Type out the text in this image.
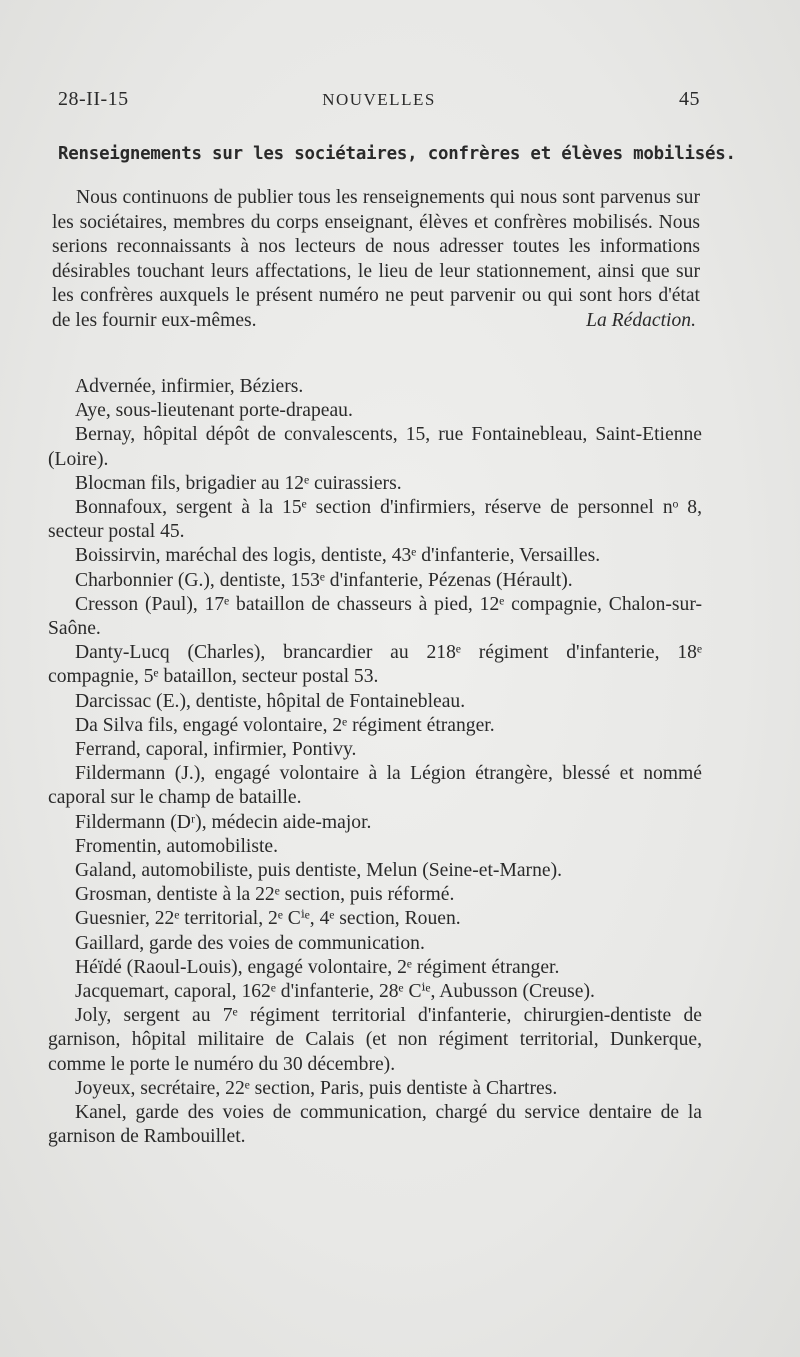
28-II-15	NOUVELLES	45
Renseignements sur les sociétaires, confrères et élèves mobilisés.
Nous continuons de publier tous les renseignements qui nous sont parvenus sur les sociétaires, membres du corps enseignant, élèves et confrères mobilisés. Nous serions reconnaissants à nos lecteurs de nous adresser toutes les informations désirables touchant leurs affectations, le lieu de leur stationnement, ainsi que sur les confrères auxquels le présent numéro ne peut parvenir ou qui sont hors d'état de les fournir eux-mêmes.	La Rédaction.

Advernée, infirmier, Béziers.

Aye, sous-lieutenant porte-drapeau.

Bernay, hôpital dépôt de convalescents, 15, rue Fontainebleau, Saint-Etienne (Loire).

Blocman fils, brigadier au 12ᵉ cuirassiers.

Bonnafoux, sergent à la 15ᵉ section d'infirmiers, réserve de personnel nᵒ 8, secteur postal 45.

Boissirvin, maréchal des logis, dentiste, 43ᵉ d'infanterie, Versailles.

Charbonnier (G.), dentiste, 153ᵉ d'infanterie, Pézenas (Hérault).

Cresson (Paul), 17ᵉ bataillon de chasseurs à pied, 12ᵉ compagnie, Chalon-sur-Saône.

Danty-Lucq (Charles), brancardier au 218ᵉ régiment d'infanterie, 18ᵉ compagnie, 5ᵉ bataillon, secteur postal 53.

Darcissac (E.), dentiste, hôpital de Fontainebleau.

Da Silva fils, engagé volontaire, 2ᵉ régiment étranger.

Ferrand, caporal, infirmier, Pontivy.

Fildermann (J.), engagé volontaire à la Légion étrangère, blessé et nommé caporal sur le champ de bataille.

Fildermann (Dʳ), médecin aide-major.

Fromentin, automobiliste.

Galand, automobiliste, puis dentiste, Melun (Seine-et-Marne).

Grosman, dentiste à la 22ᵉ section, puis réformé.

Guesnier, 22ᵉ territorial, 2ᵉ Cⁱᵉ, 4ᵉ section, Rouen.

Gaillard, garde des voies de communication.

Héïdé (Raoul-Louis), engagé volontaire, 2ᵉ régiment étranger.

Jacquemart, caporal, 162ᵉ d'infanterie, 28ᵉ Cⁱᵉ, Aubusson (Creuse).

Joly, sergent au 7ᵉ régiment territorial d'infanterie, chirurgien-dentiste de garnison, hôpital militaire de Calais (et non régiment territorial, Dunkerque, comme le porte le numéro du 30 décembre).

Joyeux, secrétaire, 22ᵉ section, Paris, puis dentiste à Chartres.

Kanel, garde des voies de communication, chargé du service dentaire de la garnison de Rambouillet.
